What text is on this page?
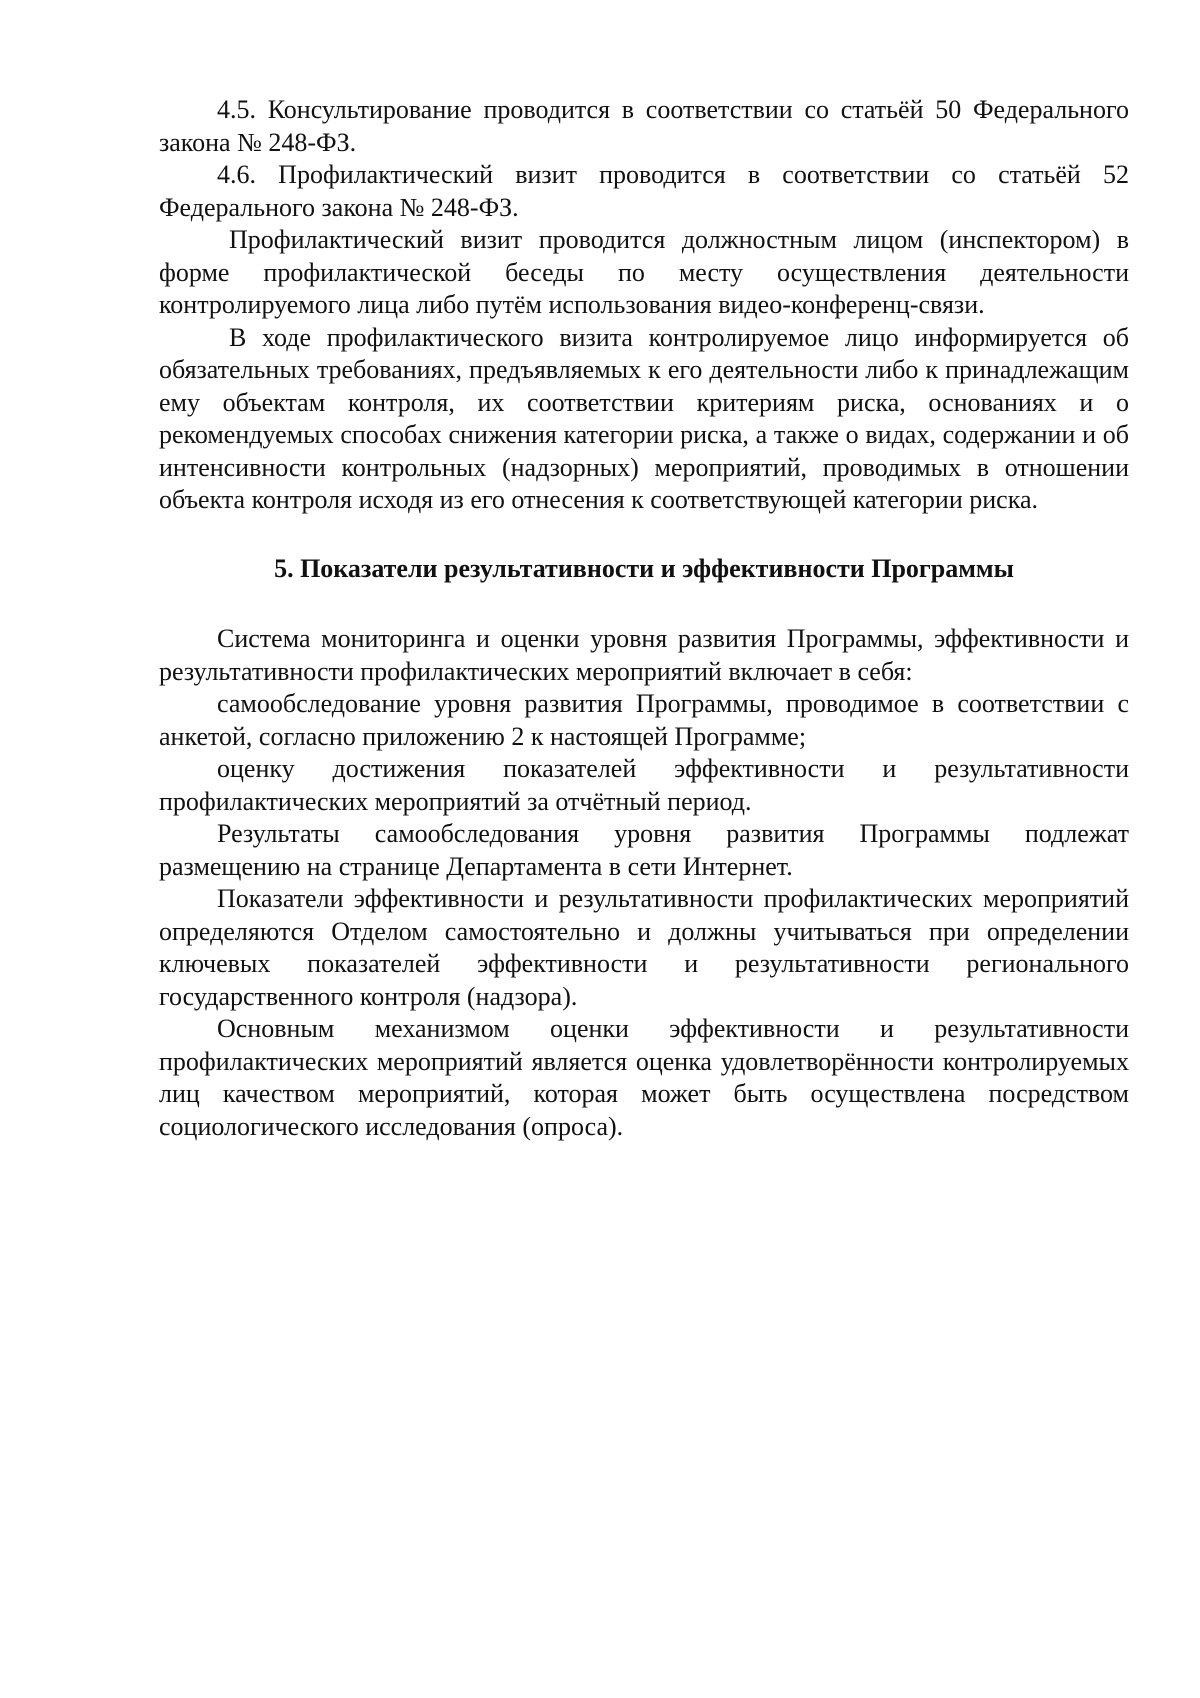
4.5. Консультирование проводится в соответствии со статьёй 50 Федерального закона № 248-ФЗ.

4.6. Профилактический визит проводится в соответствии со статьёй 52 Федерального закона № 248-ФЗ.

Профилактический визит проводится должностным лицом (инспектором) в форме профилактической беседы по месту осуществления деятельности контролируемого лица либо путём использования видео-конференц-связи.

В ходе профилактического визита контролируемое лицо информируется об обязательных требованиях, предъявляемых к его деятельности либо к принадлежащим ему объектам контроля, их соответствии критериям риска, основаниях и о рекомендуемых способах снижения категории риска, а также о видах, содержании и об интенсивности контрольных (надзорных) мероприятий, проводимых в отношении объекта контроля исходя из его отнесения к соответствующей категории риска.

5. Показатели результативности и эффективности Программы

Система мониторинга и оценки уровня развития Программы, эффективности и результативности профилактических мероприятий включает в себя:

самообследование уровня развития Программы, проводимое в соответствии с анкетой, согласно приложению 2 к настоящей Программе;

оценку достижения показателей эффективности и результативности профилактических мероприятий за отчётный период.

Результаты самообследования уровня развития Программы подлежат размещению на странице Департамента в сети Интернет.

Показатели эффективности и результативности профилактических мероприятий определяются Отделом самостоятельно и должны учитываться при определении ключевых показателей эффективности и результативности регионального государственного контроля (надзора).

Основным механизмом оценки эффективности и результативности профилактических мероприятий является оценка удовлетворённости контролируемых лиц качеством мероприятий, которая может быть осуществлена посредством социологического исследования (опроса).
